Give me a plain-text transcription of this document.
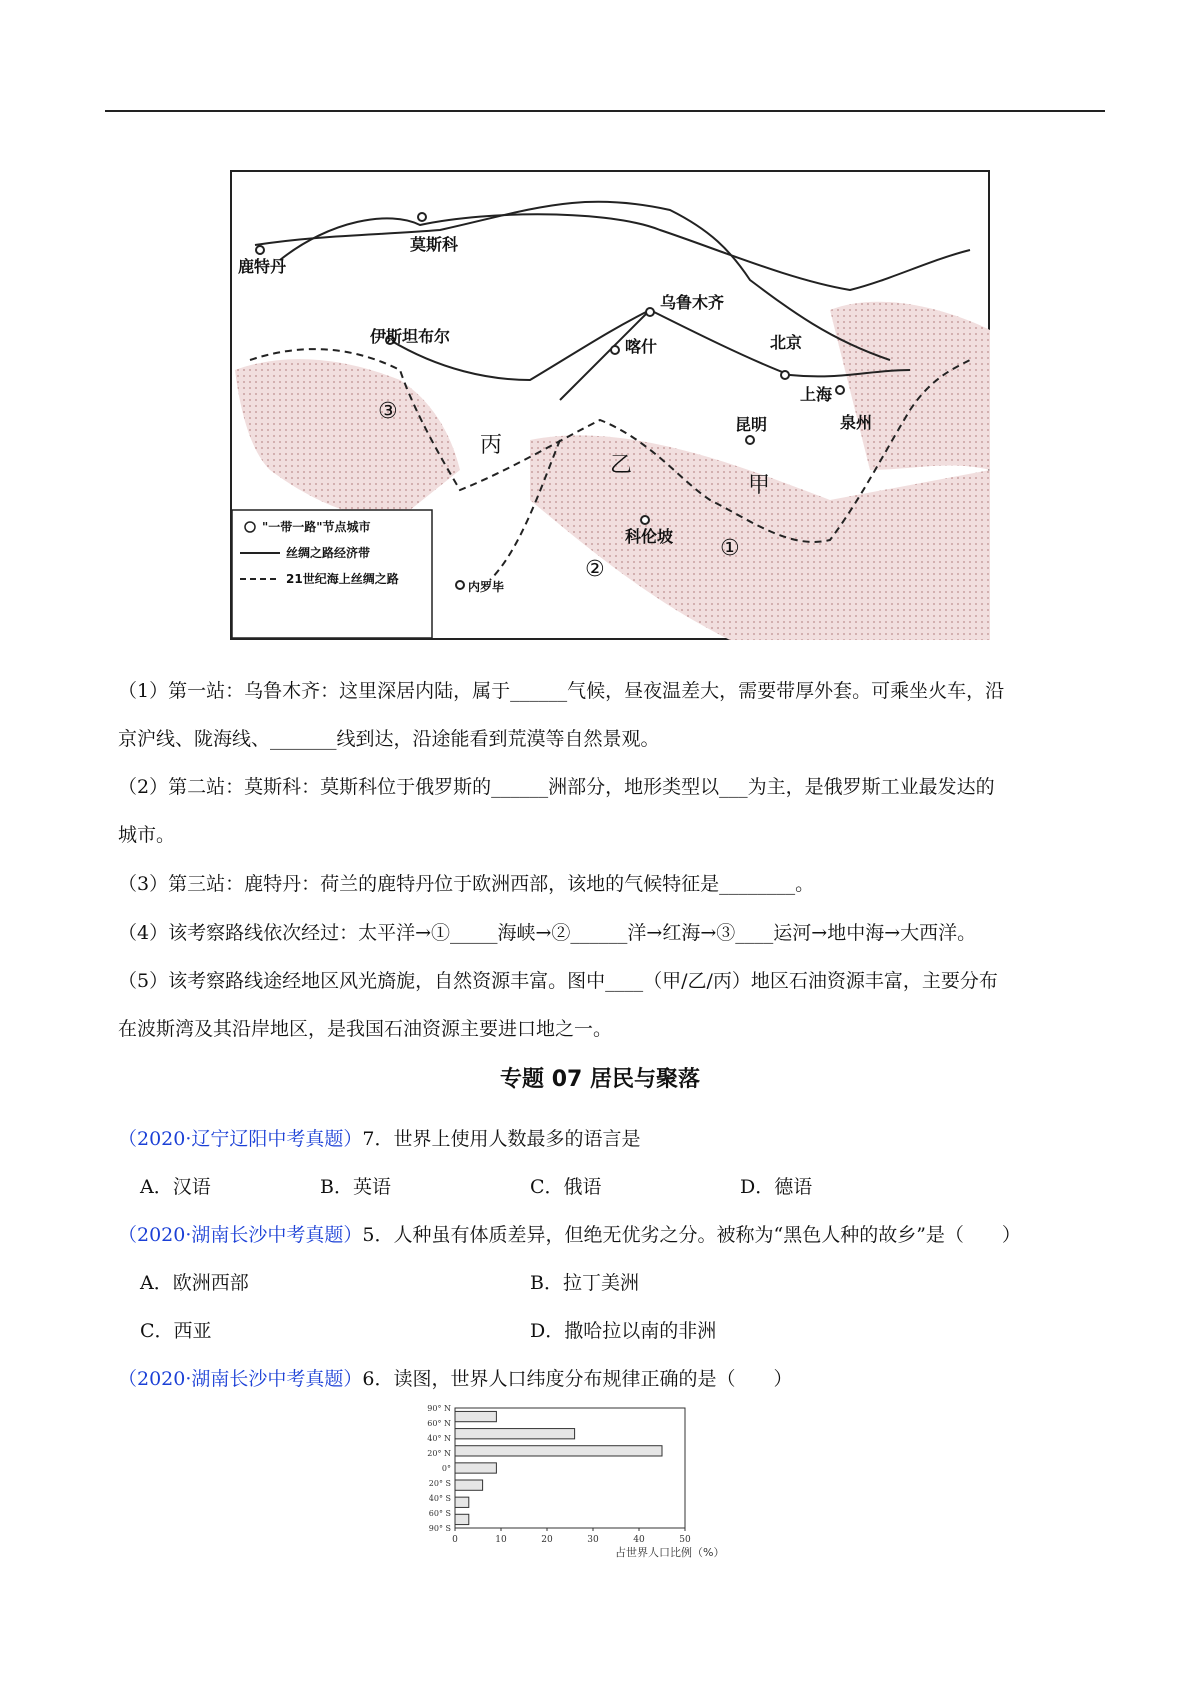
莫斯科
鹿特丹
乌鲁木齐
伊斯坦布尔
喀什	北京
上海
泉州
昆明
科伦坡
内罗毕
丙
乙
甲
③
②
①
"一带一路"节点城市
丝绸之路经济带
21世纪海上丝绸之路
（1）第一站：乌鲁木齐：这里深居内陆，属于______气候，昼夜温差大，需要带厚外套。可乘坐火车，沿
京沪线、陇海线、_______线到达，沿途能看到荒漠等自然景观。
（2）第二站：莫斯科：莫斯科位于俄罗斯的______洲部分，地形类型以___为主，是俄罗斯工业最发达的
城市。
（3）第三站：鹿特丹：荷兰的鹿特丹位于欧洲西部，该地的气候特征是________。
（4）该考察路线依次经过：太平洋→①_____海峡→②______洋→红海→③____运河→地中海→大西洋。
（5）该考察路线途经地区风光旖旎，自然资源丰富。图中____（甲/乙/丙）地区石油资源丰富，主要分布
在波斯湾及其沿岸地区，是我国石油资源主要进口地之一。
专题 07 居民与聚落
（2020·辽宁辽阳中考真题）7．世界上使用人数最多的语言是
A．汉语	B．英语	C．俄语	D．德语
（2020·湖南长沙中考真题）5．人种虽有体质差异，但绝无优劣之分。被称为“黑色人种的故乡”是（　　）
A．欧洲西部	B．拉丁美洲
C．西亚	D．撒哈拉以南的非洲
（2020·湖南长沙中考真题）6．读图，世界人口纬度分布规律正确的是（　　）
90° N
60° N
40° N
20° N
0°
20° S
40° S
60° S
90° S
0	10	20	30	40	50
占世界人口比例（%）
